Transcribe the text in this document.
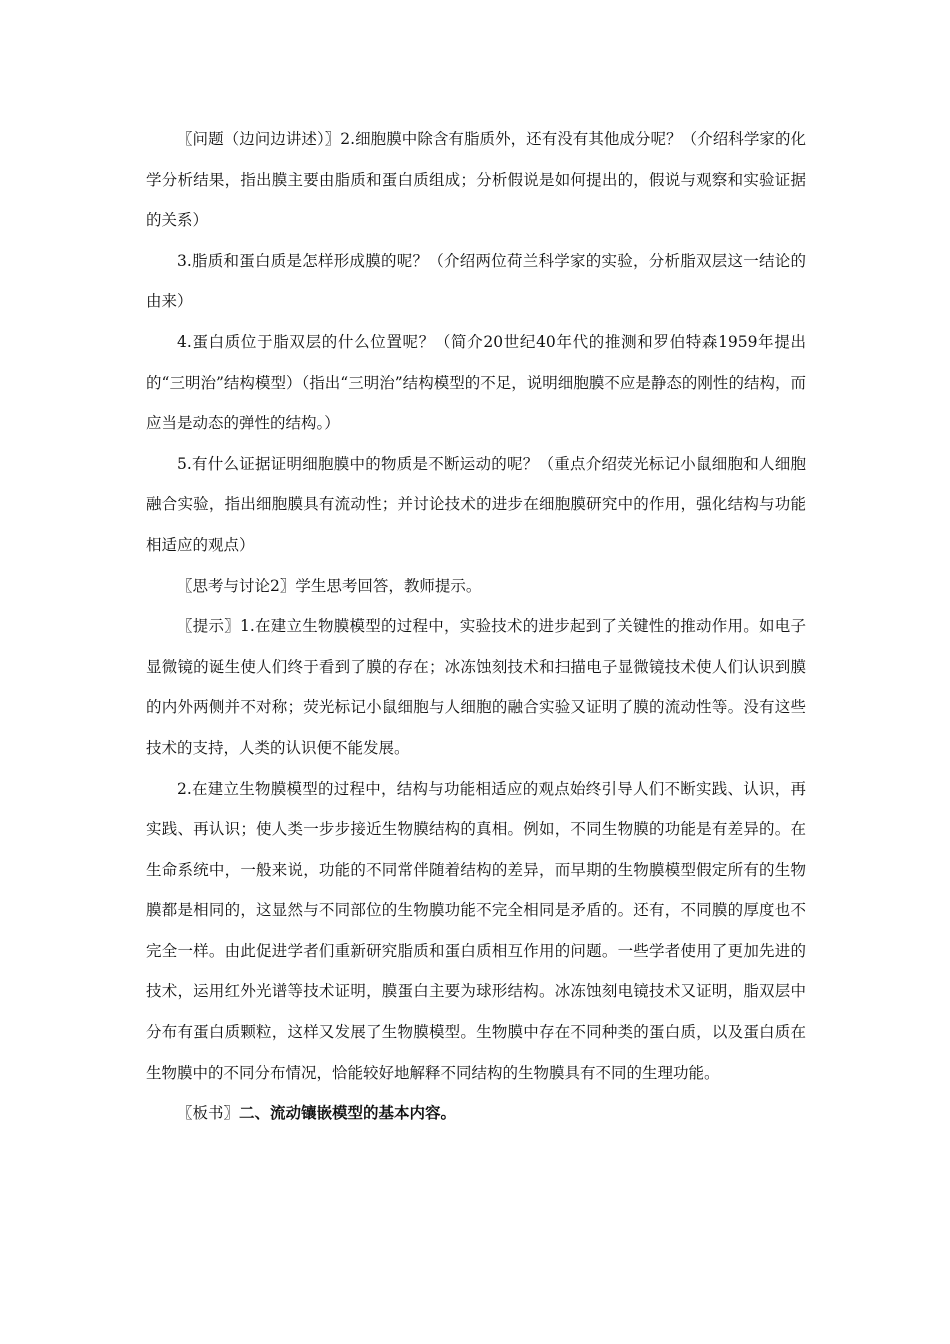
〖问题（边问边讲述）〗2.细胞膜中除含有脂质外，还有没有其他成分呢？（介绍科学家的化学分析结果，指出膜主要由脂质和蛋白质组成；分析假说是如何提出的，假说与观察和实验证据的关系）

3.脂质和蛋白质是怎样形成膜的呢？（介绍两位荷兰科学家的实验，分析脂双层这一结论的由来）

4.蛋白质位于脂双层的什么位置呢？（简介20世纪40年代的推测和罗伯特森1959年提出的“三明治”结构模型）（指出“三明治”结构模型的不足，说明细胞膜不应是静态的刚性的结构，而应当是动态的弹性的结构。）

5.有什么证据证明细胞膜中的物质是不断运动的呢？（重点介绍荧光标记小鼠细胞和人细胞融合实验，指出细胞膜具有流动性；并讨论技术的进步在细胞膜研究中的作用，强化结构与功能相适应的观点）

〖思考与讨论2〗学生思考回答，教师提示。

〖提示〗1.在建立生物膜模型的过程中，实验技术的进步起到了关键性的推动作用。如电子显微镜的诞生使人们终于看到了膜的存在；冰冻蚀刻技术和扫描电子显微镜技术使人们认识到膜的内外两侧并不对称；荧光标记小鼠细胞与人细胞的融合实验又证明了膜的流动性等。没有这些技术的支持，人类的认识便不能发展。

2.在建立生物膜模型的过程中，结构与功能相适应的观点始终引导人们不断实践、认识，再实践、再认识；使人类一步步接近生物膜结构的真相。例如，不同生物膜的功能是有差异的。在生命系统中，一般来说，功能的不同常伴随着结构的差异，而早期的生物膜模型假定所有的生物膜都是相同的，这显然与不同部位的生物膜功能不完全相同是矛盾的。还有，不同膜的厚度也不完全一样。由此促进学者们重新研究脂质和蛋白质相互作用的问题。一些学者使用了更加先进的技术，运用红外光谱等技术证明，膜蛋白主要为球形结构。冰冻蚀刻电镜技术又证明，脂双层中分布有蛋白质颗粒，这样又发展了生物膜模型。生物膜中存在不同种类的蛋白质，以及蛋白质在生物膜中的不同分布情况，恰能较好地解释不同结构的生物膜具有不同的生理功能。

〖板书〗二、流动镶嵌模型的基本内容。
